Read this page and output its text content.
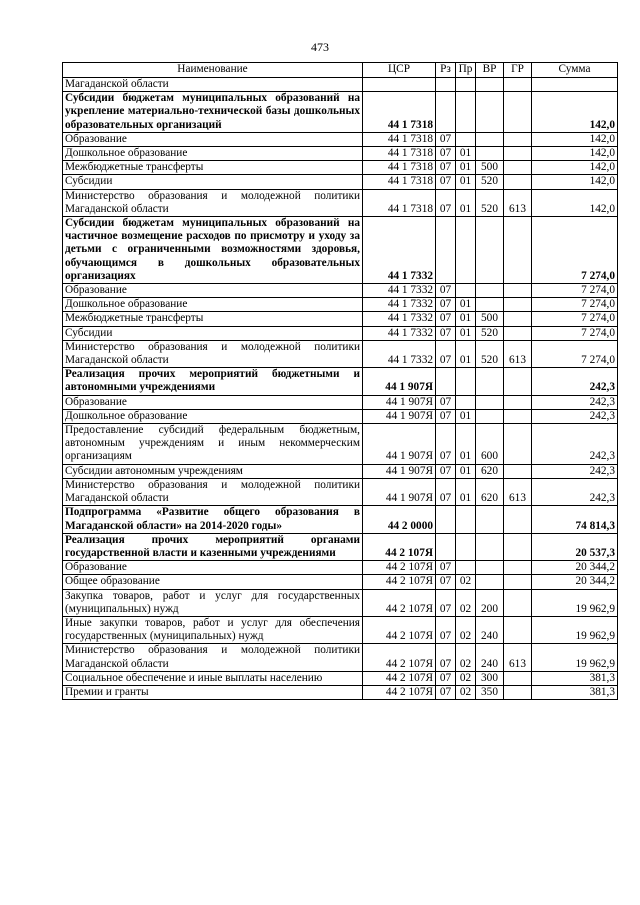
473
Наименование	ЦСР	Рз	Пр	ВР	ГР	Сумма
Магаданской области						
Субсидии бюджетам муниципальных образований на укрепление материально-технической базы дошкольных образовательных организаций	44 1 7318					142,0
Образование	44 1 7318	07				142,0
Дошкольное образование	44 1 7318	07	01			142,0
Межбюджетные трансферты	44 1 7318	07	01	500		142,0
Субсидии	44 1 7318	07	01	520		142,0
Министерство образования и молодежной политики Магаданской области	44 1 7318	07	01	520	613	142,0
Субсидии бюджетам муниципальных образований на частичное возмещение расходов по присмотру и уходу за детьми с ограниченными возможностями здоровья, обучающимся в дошкольных образовательных организациях	44 1 7332					7 274,0
Образование	44 1 7332	07				7 274,0
Дошкольное образование	44 1 7332	07	01			7 274,0
Межбюджетные трансферты	44 1 7332	07	01	500		7 274,0
Субсидии	44 1 7332	07	01	520		7 274,0
Министерство образования и молодежной политики Магаданской области	44 1 7332	07	01	520	613	7 274,0
Реализация прочих мероприятий бюджетными и автономными учреждениями	44 1 907Я					242,3
Образование	44 1 907Я	07				242,3
Дошкольное образование	44 1 907Я	07	01			242,3
Предоставление субсидий федеральным бюджетным, автономным учреждениям и иным некоммерческим организациям	44 1 907Я	07	01	600		242,3
Субсидии автономным учреждениям	44 1 907Я	07	01	620		242,3
Министерство образования и молодежной политики Магаданской области	44 1 907Я	07	01	620	613	242,3
Подпрограмма «Развитие общего образования в Магаданской области» на 2014-2020 годы»	44 2 0000					74 814,3
Реализация прочих мероприятий органами государственной власти и казенными учреждениями	44 2 107Я					20 537,3
Образование	44 2 107Я	07				20 344,2
Общее образование	44 2 107Я	07	02			20 344,2
Закупка товаров, работ и услуг для государственных (муниципальных) нужд	44 2 107Я	07	02	200		19 962,9
Иные закупки товаров, работ и услуг для обеспечения государственных (муниципальных) нужд	44 2 107Я	07	02	240		19 962,9
Министерство образования и молодежной политики Магаданской области	44 2 107Я	07	02	240	613	19 962,9
Социальное обеспечение и иные выплаты населению	44 2 107Я	07	02	300		381,3
Премии и гранты	44 2 107Я	07	02	350		381,3
